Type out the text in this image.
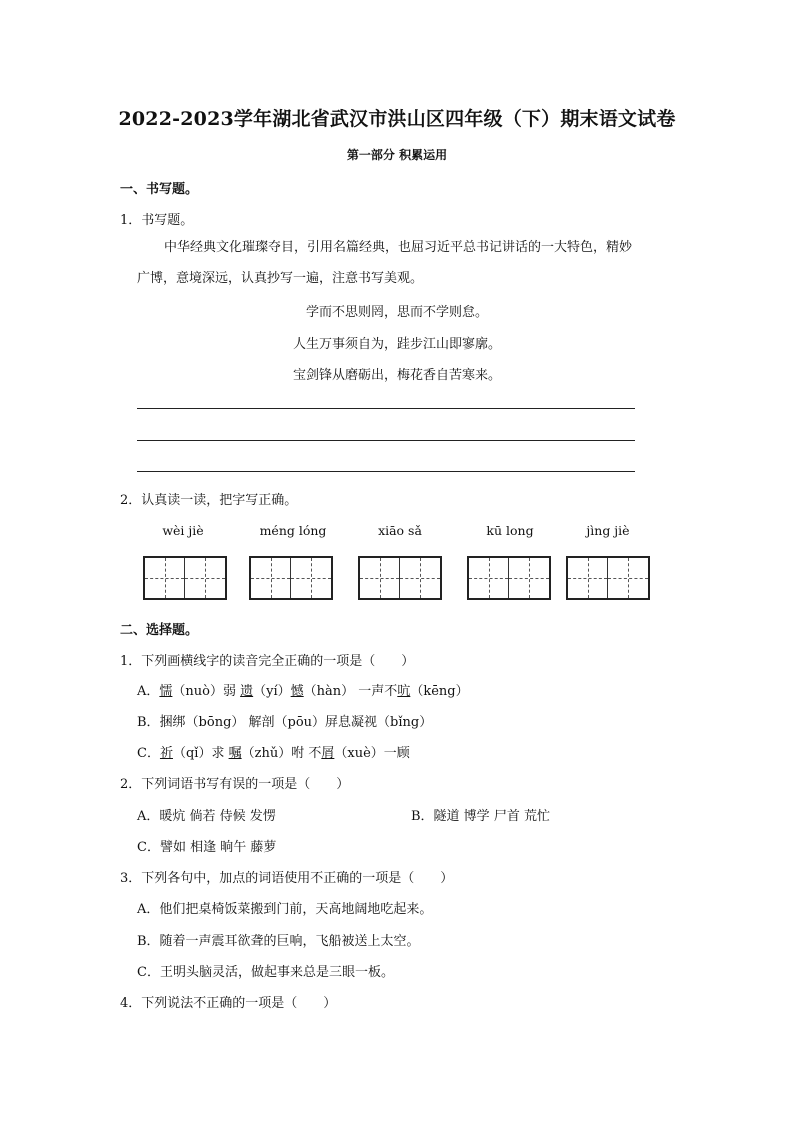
2022-2023学年湖北省武汉市洪山区四年级（下）期末语文试卷
第一部分 积累运用
一、书写题。
1．书写题。
中华经典文化璀璨夺目，引用名篇经典，也屈习近平总书记讲话的一大特色，精妙
广博，意境深远，认真抄写一遍，注意书写美观。
学而不思则罔，思而不学则怠。
人生万事须自为，跬步江山即寥廓。
宝剑锋从磨砺出，梅花香自苦寒来。
2．认真读一读，把字写正确。
wèi jiè	méng lóng	xiāo sǎ	kū long	jìng jiè
二、选择题。
1．下列画横线字的读音完全正确的一项是（　　）
A．懦（nuò）弱 遗（yí）憾（hàn） 一声不吭（kēng）
B．捆绑（bōng） 解剖（pōu）屏息凝视（bǐng）
C．祈（qǐ）求 嘱（zhǔ）咐 不屑（xuè）一顾
2．下列词语书写有误的一项是（　　）
A．暖炕 倘若 侍候 发愣	B．隧道 博学 尸首 荒忙
C．譬如 相逢 晌午 藤萝
3．下列各句中，加点的词语使用不正确的一项是（　　）
A．他们把桌椅饭菜搬到门前，天高地阔地吃起来。
B．随着一声震耳欲聋的巨响，飞船被送上太空。
C．王明头脑灵活，做起事来总是三眼一板。
4．下列说法不正确的一项是（　　）
